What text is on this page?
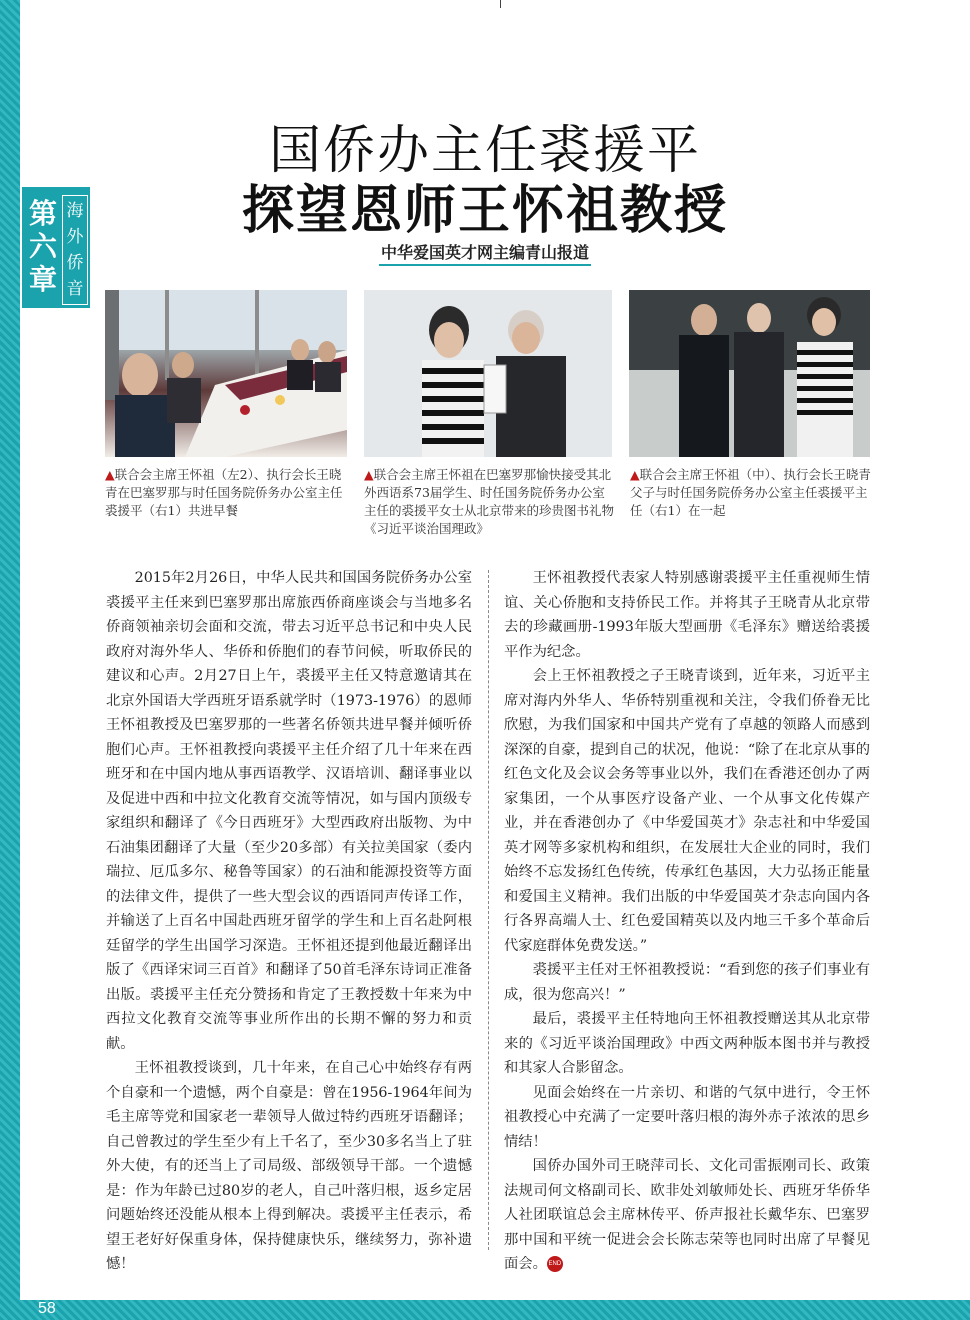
第六章
海
外
侨
音
国侨办主任裘援平
探望恩师王怀祖教授
中华爱国英才网主编青山报道
▲联合会主席王怀祖（左2）、执行会长王晓青在巴塞罗那与时任国务院侨务办公室主任裘援平（右1）共进早餐
▲联合会主席王怀祖在巴塞罗那愉快接受其北外西语系73届学生、时任国务院侨务办公室主任的裘援平女士从北京带来的珍贵图书礼物《习近平谈治国理政》
▲联合会主席王怀祖（中）、执行会长王晓青父子与时任国务院侨务办公室主任裘援平主任（右1）在一起

2015年2月26日，中华人民共和国国务院侨务办公室裘援平主任来到巴塞罗那出席旅西侨商座谈会与当地多名侨商领袖亲切会面和交流，带去习近平总书记和中央人民政府对海外华人、华侨和侨胞们的春节问候，听取侨民的建议和心声。2月27日上午，裘援平主任又特意邀请其在北京外国语大学西班牙语系就学时（1973-1976）的恩师王怀祖教授及巴塞罗那的一些著名侨领共进早餐并倾听侨胞们心声。王怀祖教授向裘援平主任介绍了几十年来在西班牙和在中国内地从事西语教学、汉语培训、翻译事业以及促进中西和中拉文化教育交流等情况，如与国内顶级专家组织和翻译了《今日西班牙》大型西政府出版物、为中石油集团翻译了大量（至少20多部）有关拉美国家（委内瑞拉、厄瓜多尔、秘鲁等国家）的石油和能源投资等方面的法律文件，提供了一些大型会议的西语同声传译工作，并输送了上百名中国赴西班牙留学的学生和上百名赴阿根廷留学的学生出国学习深造。王怀祖还提到他最近翻译出版了《西译宋词三百首》和翻译了50首毛泽东诗词正准备出版。裘援平主任充分赞扬和肯定了王教授数十年来为中西拉文化教育交流等事业所作出的长期不懈的努力和贡献。

王怀祖教授谈到，几十年来，在自己心中始终存有两个自豪和一个遗憾，两个自豪是：曾在1956-1964年间为毛主席等党和国家老一辈领导人做过特约西班牙语翻译；自己曾教过的学生至少有上千名了，至少30多名当上了驻外大使，有的还当上了司局级、部级领导干部。一个遗憾是：作为年龄已过80岁的老人，自己叶落归根，返乡定居问题始终还没能从根本上得到解决。裘援平主任表示，希望王老好好保重身体，保持健康快乐，继续努力，弥补遗憾！

王怀祖教授代表家人特别感谢裘援平主任重视师生情谊、关心侨胞和支持侨民工作。并将其子王晓青从北京带去的珍藏画册-1993年版大型画册《毛泽东》赠送给裘援平作为纪念。

会上王怀祖教授之子王晓青谈到，近年来，习近平主席对海内外华人、华侨特别重视和关注，令我们侨眷无比欣慰，为我们国家和中国共产党有了卓越的领路人而感到深深的自豪，提到自己的状况，他说：“除了在北京从事的红色文化及会议会务等事业以外，我们在香港还创办了两家集团，一个从事医疗设备产业、一个从事文化传媒产业，并在香港创办了《中华爱国英才》杂志社和中华爱国英才网等多家机构和组织，在发展壮大企业的同时，我们始终不忘发扬红色传统，传承红色基因，大力弘扬正能量和爱国主义精神。我们出版的中华爱国英才杂志向国内各行各界高端人士、红色爱国精英以及内地三千多个革命后代家庭群体免费发送。”

裘援平主任对王怀祖教授说：“看到您的孩子们事业有成，很为您高兴！”

最后，裘援平主任特地向王怀祖教授赠送其从北京带来的《习近平谈治国理政》中西文两种版本图书并与教授和其家人合影留念。

见面会始终在一片亲切、和谐的气氛中进行，令王怀祖教授心中充满了一定要叶落归根的海外赤子浓浓的思乡情结！

国侨办国外司王晓萍司长、文化司雷振刚司长、政策法规司何文格副司长、欧非处刘敏师处长、西班牙华侨华人社团联谊总会主席林传平、侨声报社长戴华东、巴塞罗那中国和平统一促进会会长陈志荣等也同时出席了早餐见面会。 END

58
